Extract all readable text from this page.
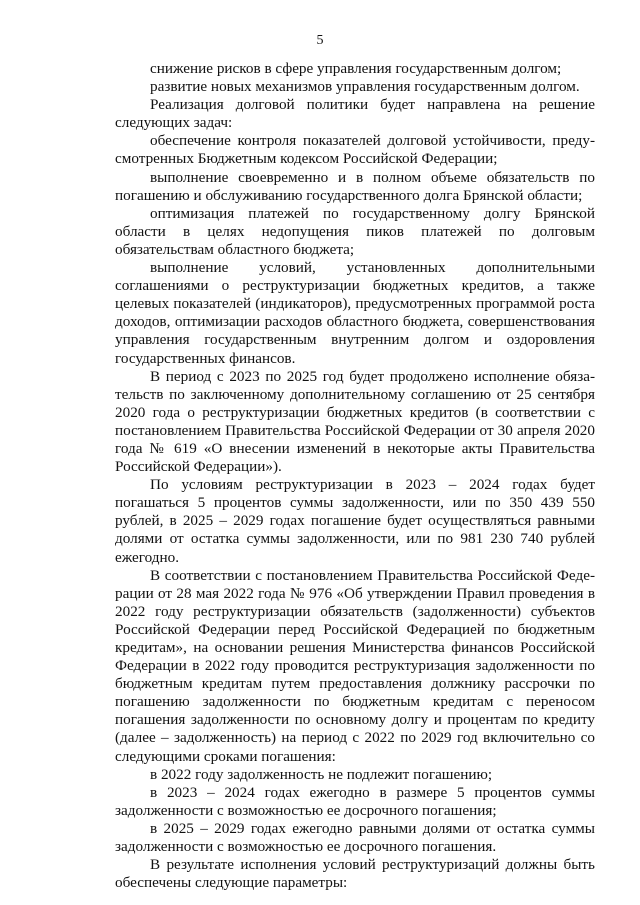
5

снижение рисков в сфере управления государственным долгом;

развитие новых механизмов управления государственным долгом.

Реализация долговой политики будет направлена на решение следующих задач:

обеспечение контроля показателей долговой устойчивости, предусмотренных Бюджетным кодексом Российской Федерации;

выполнение своевременно и в полном объеме обязательств по погашению и обслуживанию государственного долга Брянской области;

оптимизация платежей по государственному долгу Брянской области в целях недопущения пиков платежей по долговым обязательствам областного бюджета;

выполнение условий, установленных дополнительными соглашениями о реструктуризации бюджетных кредитов, а также целевых показателей (индикаторов), предусмотренных программой роста доходов, оптимизации расходов областного бюджета, совершенствования управления государственным внутренним долгом и оздоровления государственных финансов.

В период с 2023 по 2025 год будет продолжено исполнение обязательств по заключенному дополнительному соглашению от 25 сентября 2020 года о реструктуризации бюджетных кредитов (в соответствии с постановлением Правительства Российской Федерации от 30 апреля 2020 года № 619 «О внесении изменений в некоторые акты Правительства Российской Федерации»).

По условиям реструктуризации в 2023 – 2024 годах будет погашаться 5 процентов суммы задолженности, или по 350 439 550 рублей, в 2025 – 2029 годах погашение будет осуществляться равными долями от остатка суммы задолженности, или по 981 230 740 рублей ежегодно.

В соответствии с постановлением Правительства Российской Федерации от 28 мая 2022 года № 976 «Об утверждении Правил проведения в 2022 году реструктуризации обязательств (задолженности) субъектов Российской Федерации перед Российской Федерацией по бюджетным кредитам», на основании решения Министерства финансов Российской Федерации в 2022 году проводится реструктуризация задолженности по бюджетным кредитам путем предоставления должнику рассрочки по погашению задолженности по бюджетным кредитам с переносом погашения задолженности по основному долгу и процентам по кредиту (далее – задолженность) на период с 2022 по 2029 год включительно со следующими сроками погашения:

в 2022 году задолженность не подлежит погашению;

в 2023 – 2024 годах ежегодно в размере 5 процентов суммы задолженности с возможностью ее досрочного погашения;

в 2025 – 2029 годах ежегодно равными долями от остатка суммы задолженности с возможностью ее досрочного погашения.

В результате исполнения условий реструктуризаций должны быть обеспечены следующие параметры:
